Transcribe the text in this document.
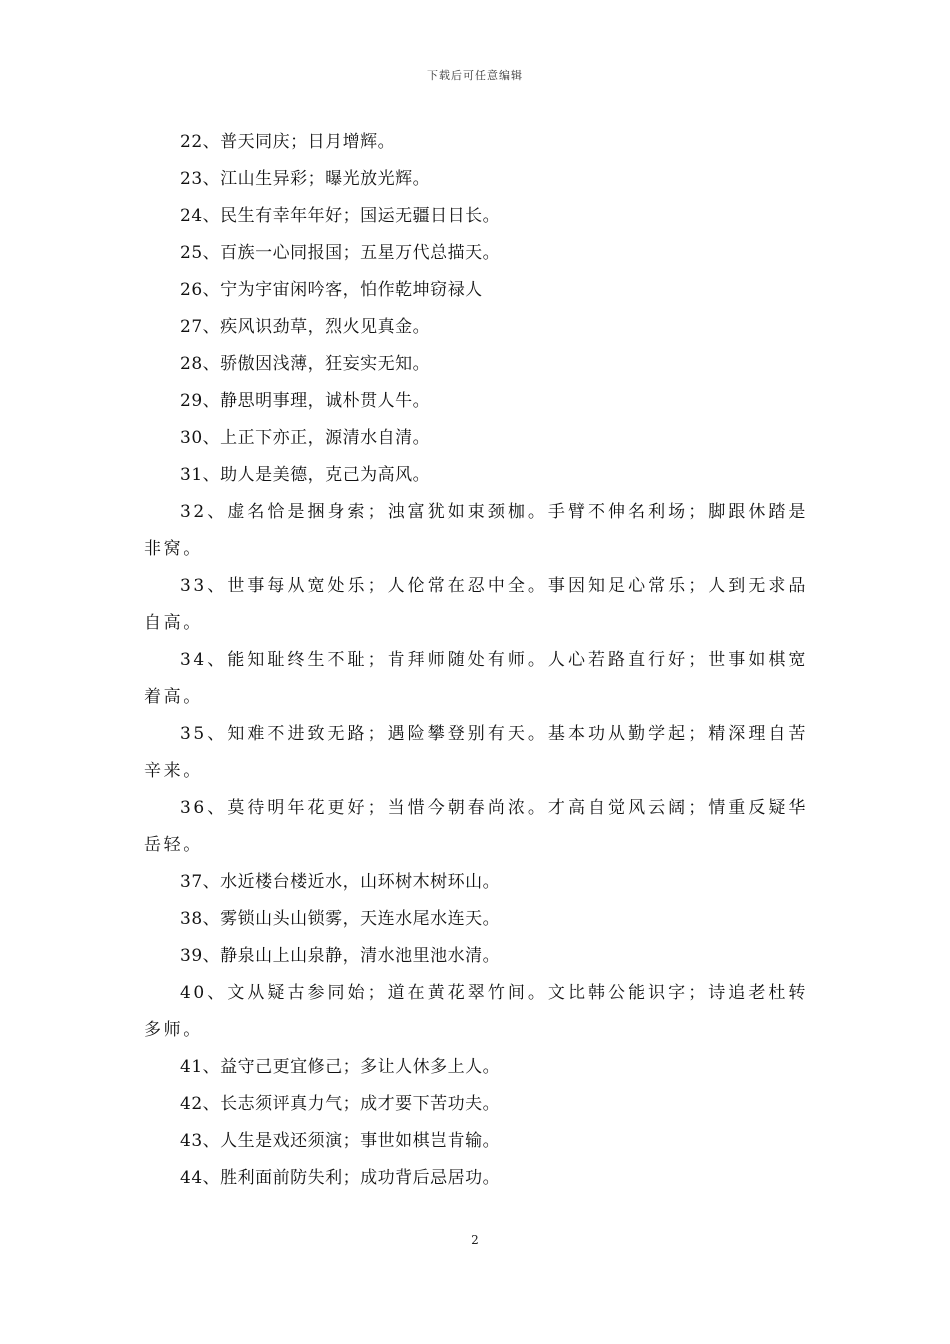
下载后可任意编辑
22、普天同庆；日月增辉。
23、江山生异彩；曝光放光辉。
24、民生有幸年年好；国运无疆日日长。
25、百族一心同报国；五星万代总描天。
26、宁为宇宙闲吟客，怕作乾坤窃禄人
27、疾风识劲草，烈火见真金。
28、骄傲因浅薄，狂妄实无知。
29、静思明事理，诚朴贯人牛。
30、上正下亦正，源清水自清。
31、助人是美德，克己为高风。
32、虚名恰是捆身索；浊富犹如束颈枷。手臂不伸名利场；脚跟休踏是非窝。
33、世事每从宽处乐；人伦常在忍中全。事因知足心常乐；人到无求品自高。
34、能知耻终生不耻；肯拜师随处有师。人心若路直行好；世事如棋宽着高。
35、知难不进致无路；遇险攀登别有天。基本功从勤学起；精深理自苦辛来。
36、莫待明年花更好；当惜今朝春尚浓。才高自觉风云阔；情重反疑华岳轻。
37、水近楼台楼近水，山环树木树环山。
38、雾锁山头山锁雾，天连水尾水连天。
39、静泉山上山泉静，清水池里池水清。
40、文从疑古参同始；道在黄花翠竹间。文比韩公能识字；诗追老杜转多师。
41、益守己更宜修己；多让人休多上人。
42、长志须评真力气；成才要下苦功夫。
43、人生是戏还须演；事世如棋岂肯输。
44、胜利面前防失利；成功背后忌居功。
2
